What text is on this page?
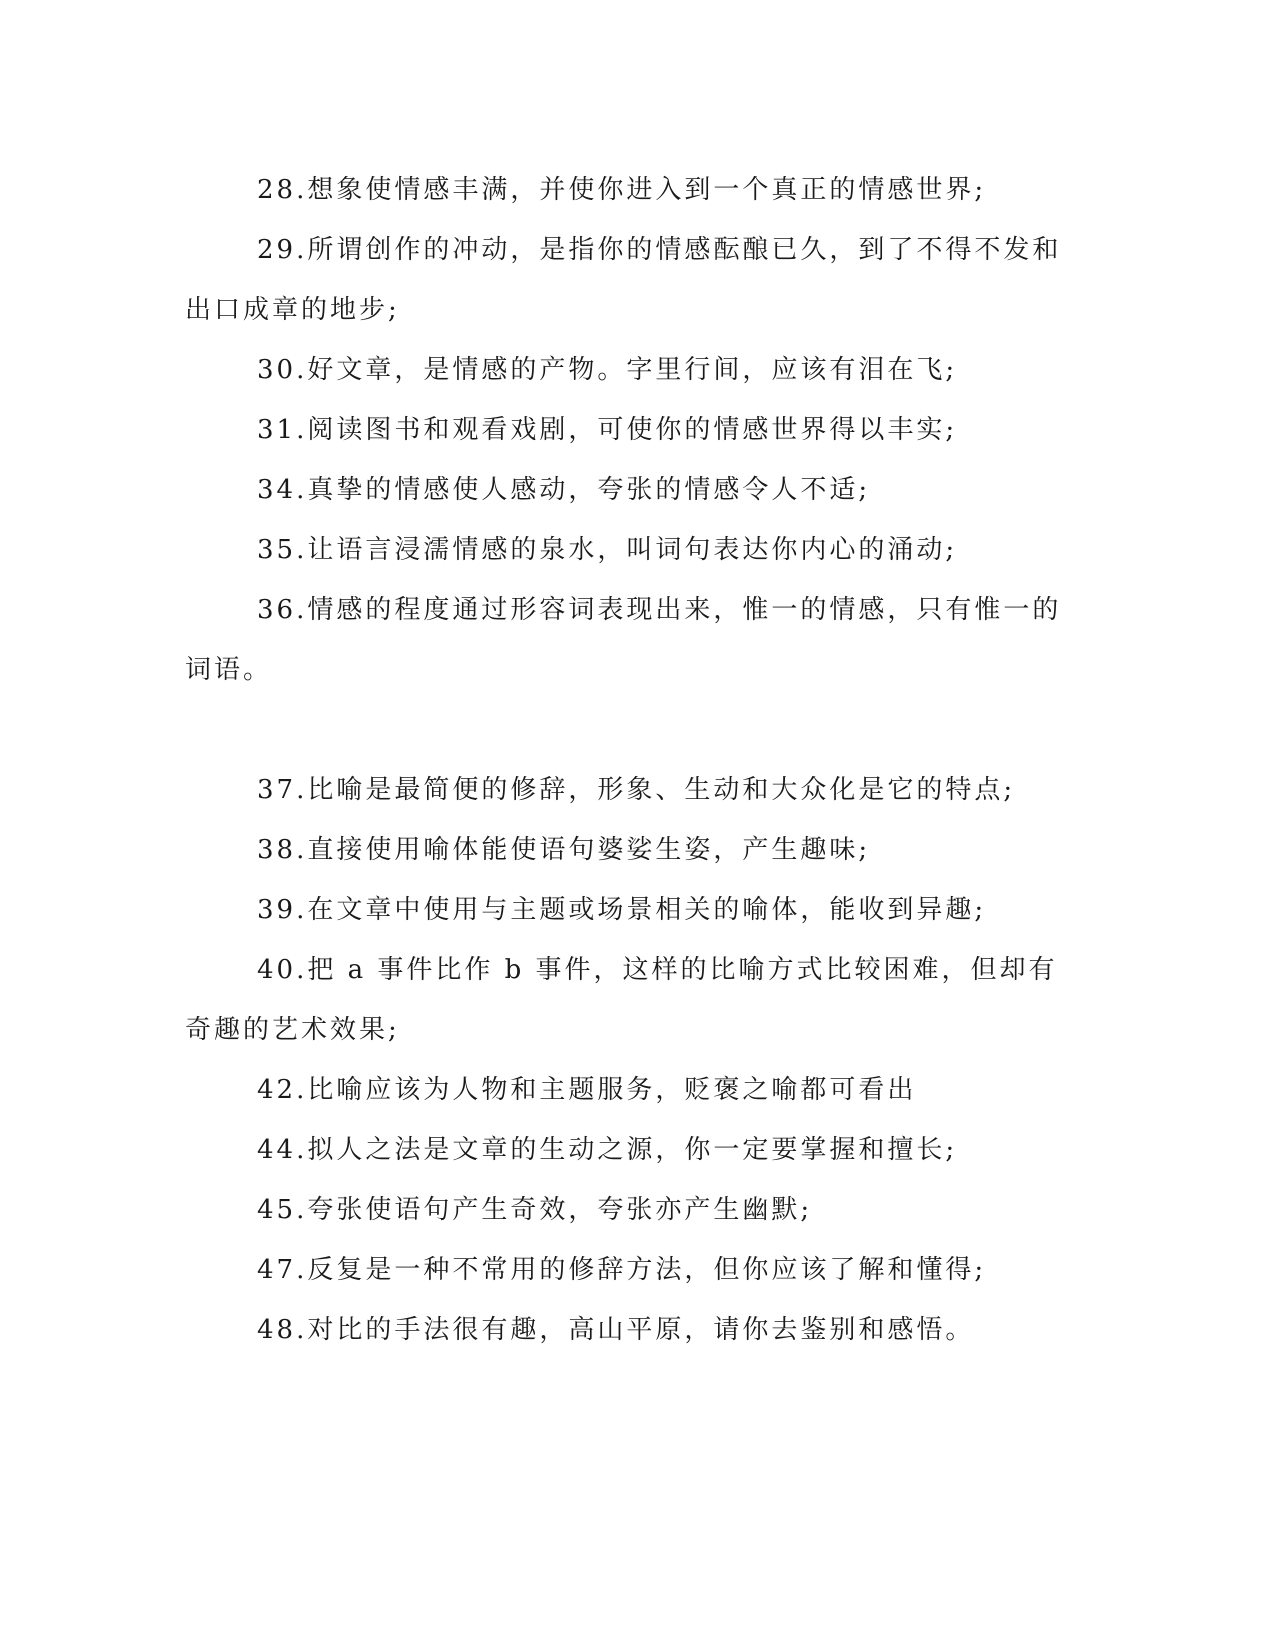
28.想象使情感丰满，并使你进入到一个真正的情感世界;

29.所谓创作的冲动，是指你的情感酝酿已久，到了不得不发和出口成章的地步;

30.好文章，是情感的产物。字里行间，应该有泪在飞;

31.阅读图书和观看戏剧，可使你的情感世界得以丰实;

34.真挚的情感使人感动，夸张的情感令人不适;

35.让语言浸濡情感的泉水，叫词句表达你内心的涌动;

36.情感的程度通过形容词表现出来，惟一的情感，只有惟一的词语。

37.比喻是最简便的修辞，形象、生动和大众化是它的特点;

38.直接使用喻体能使语句婆娑生姿，产生趣味;

39.在文章中使用与主题或场景相关的喻体，能收到异趣;

40.把 a 事件比作 b 事件，这样的比喻方式比较困难，但却有奇趣的艺术效果;

42.比喻应该为人物和主题服务，贬褒之喻都可看出

44.拟人之法是文章的生动之源，你一定要掌握和擅长;

45.夸张使语句产生奇效，夸张亦产生幽默;

47.反复是一种不常用的修辞方法，但你应该了解和懂得;

48.对比的手法很有趣，高山平原，请你去鉴别和感悟。
